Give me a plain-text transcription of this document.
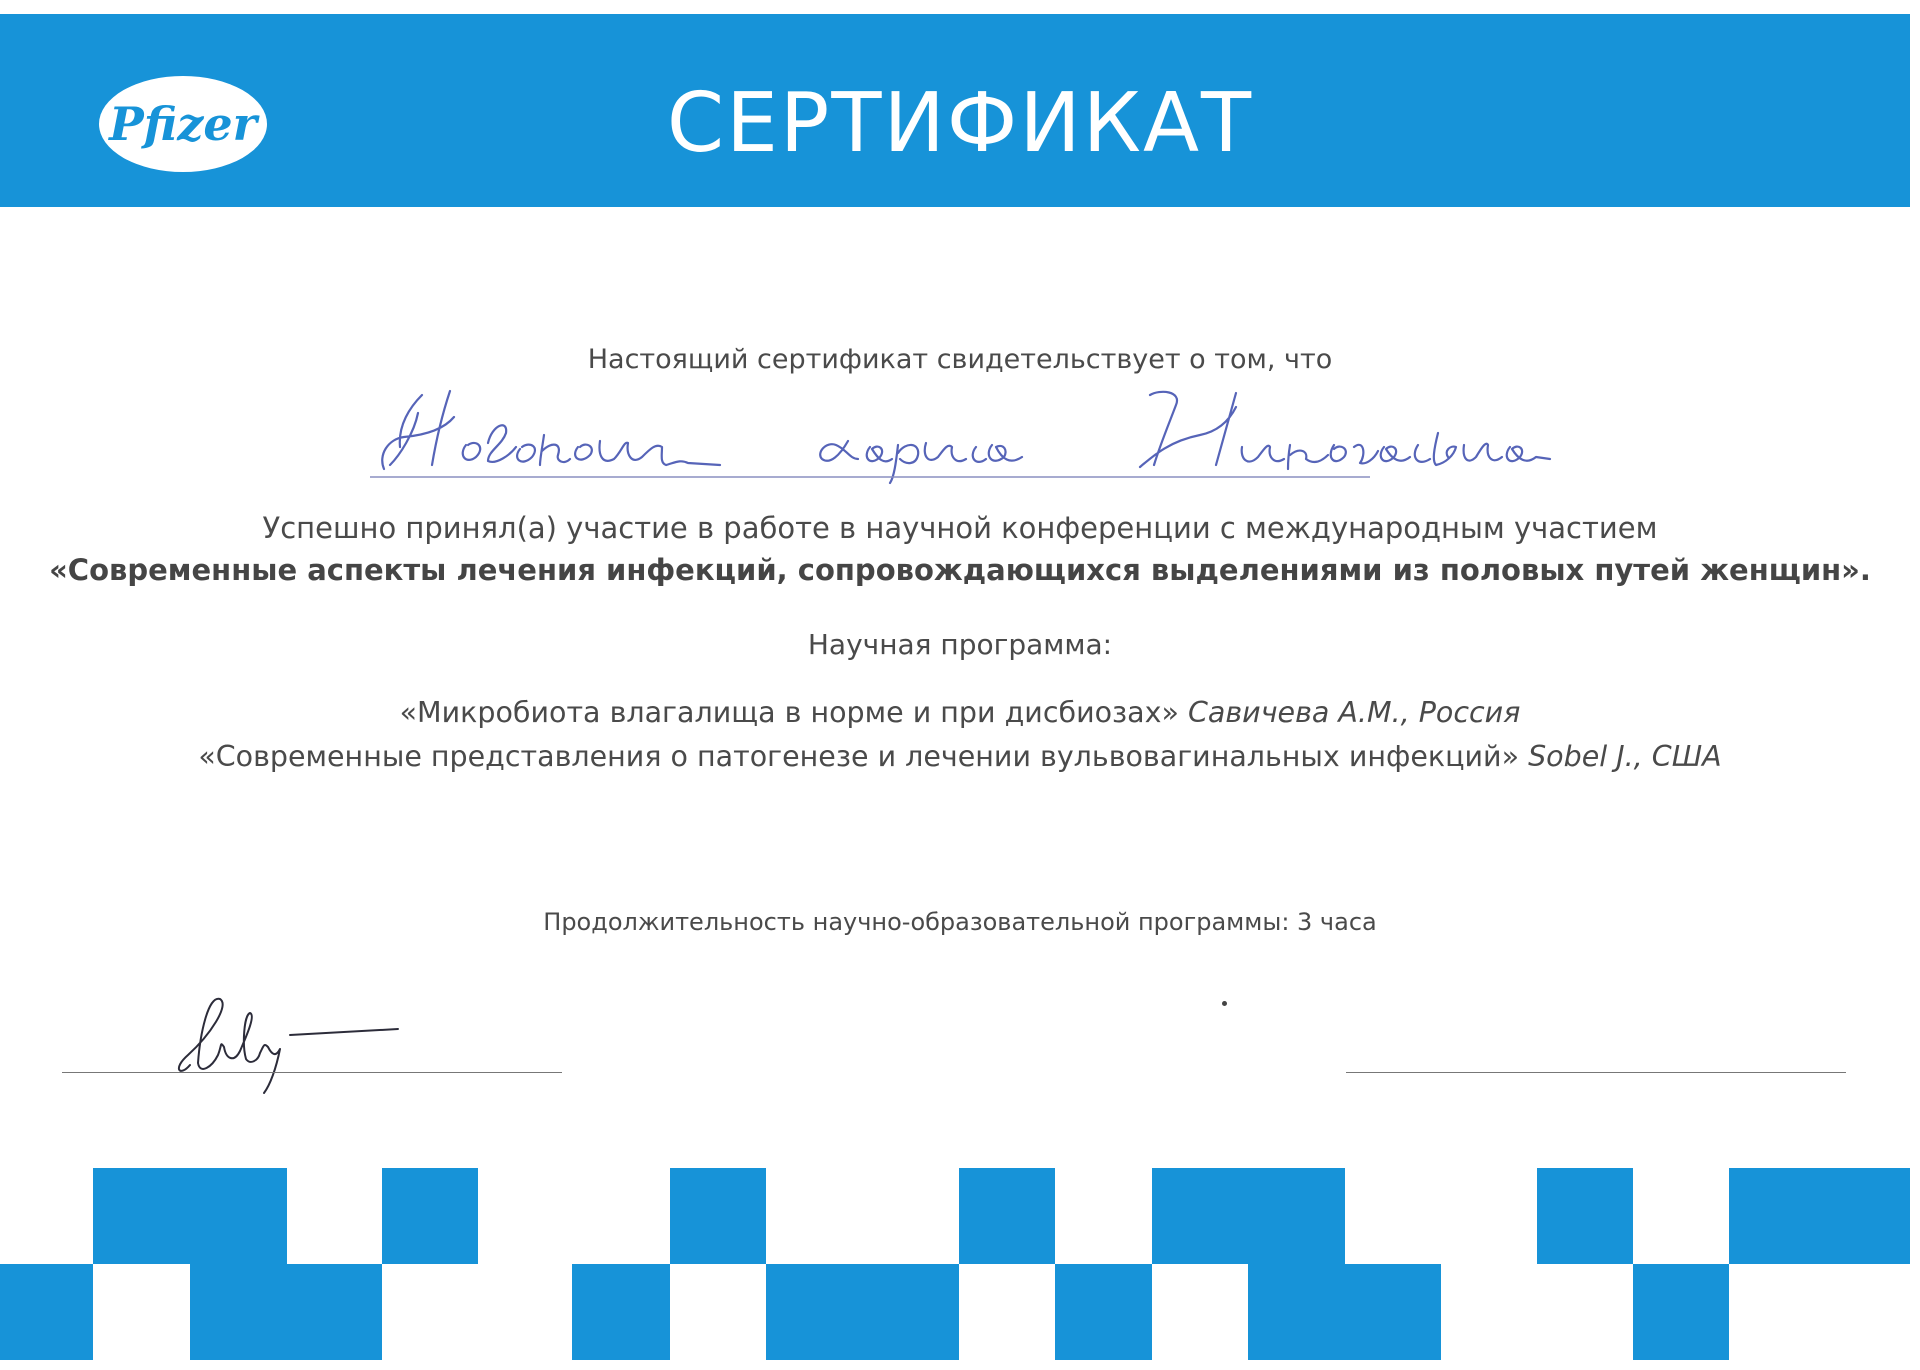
Pfizer	СЕРТИФИКАТ
Настоящий сертификат свидетельствует о том, что
Успешно принял(а) участие в работе в научной конференции с международным участием
«Современные аспекты лечения инфекций, сопровождающихся выделениями из половых путей женщин».
Научная программа:
«Микробиота влагалища в норме и при дисбиозах» Савичева А.М., Россия
«Современные представления о патогенезе и лечении вульвовагинальных инфекций» Sobel J., США
Продолжительность научно-образовательной программы: 3 часа
